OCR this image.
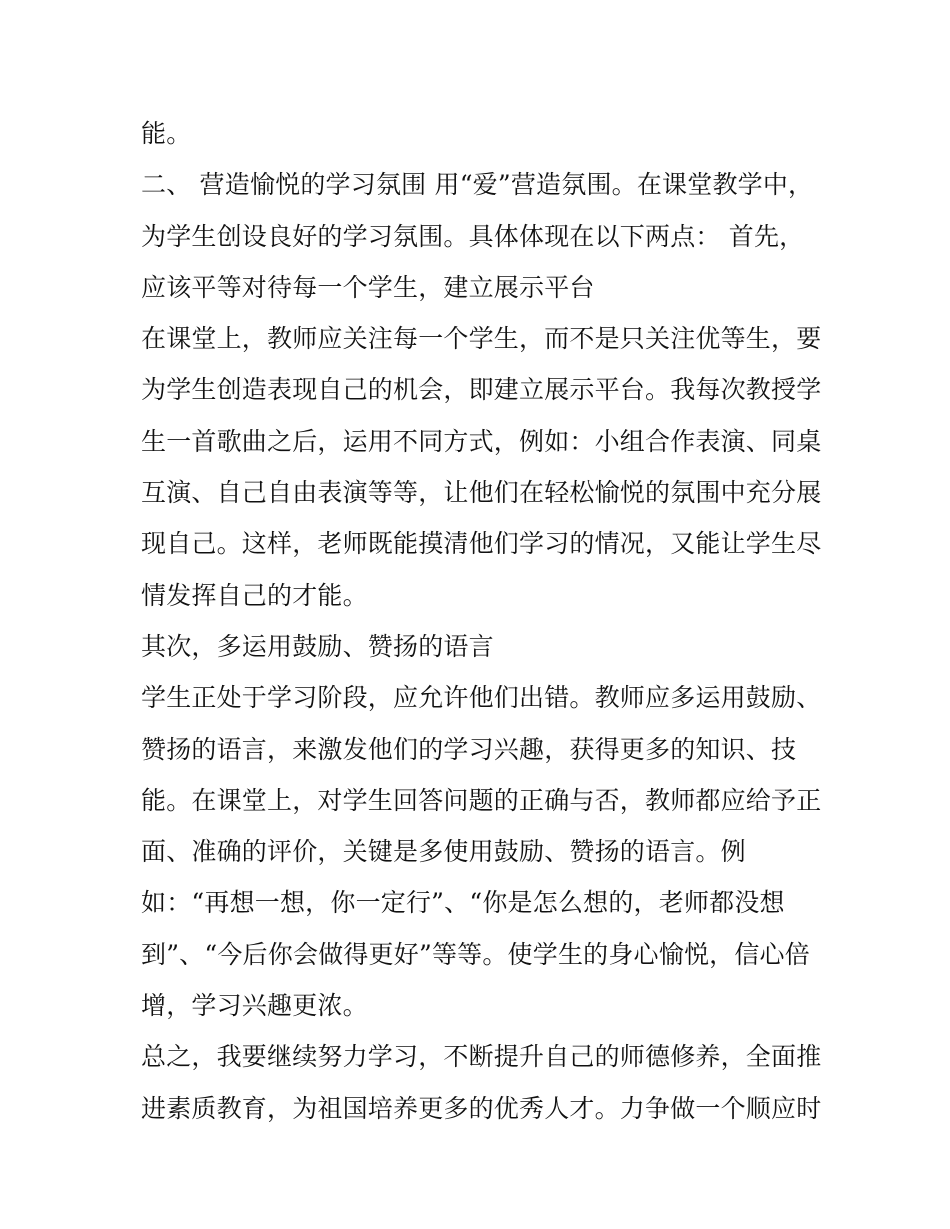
能。
二、 营造愉悦的学习氛围 用“爱”营造氛围。在课堂教学中，
为学生创设良好的学习氛围。具体体现在以下两点： 首先，
应该平等对待每一个学生，建立展示平台
在课堂上，教师应关注每一个学生，而不是只关注优等生，要
为学生创造表现自己的机会，即建立展示平台。我每次教授学
生一首歌曲之后，运用不同方式，例如：小组合作表演、同桌
互演、自己自由表演等等，让他们在轻松愉悦的氛围中充分展
现自己。这样，老师既能摸清他们学习的情况，又能让学生尽
情发挥自己的才能。
其次，多运用鼓励、赞扬的语言
学生正处于学习阶段，应允许他们出错。教师应多运用鼓励、
赞扬的语言，来激发他们的学习兴趣，获得更多的知识、技
能。在课堂上，对学生回答问题的正确与否，教师都应给予正
面、准确的评价，关键是多使用鼓励、赞扬的语言。例
如：“再想一想，你一定行”、“你是怎么想的，老师都没想
到”、“今后你会做得更好”等等。使学生的身心愉悦，信心倍
增，学习兴趣更浓。
总之，我要继续努力学习，不断提升自己的师德修养，全面推
进素质教育，为祖国培养更多的优秀人才。力争做一个顺应时
